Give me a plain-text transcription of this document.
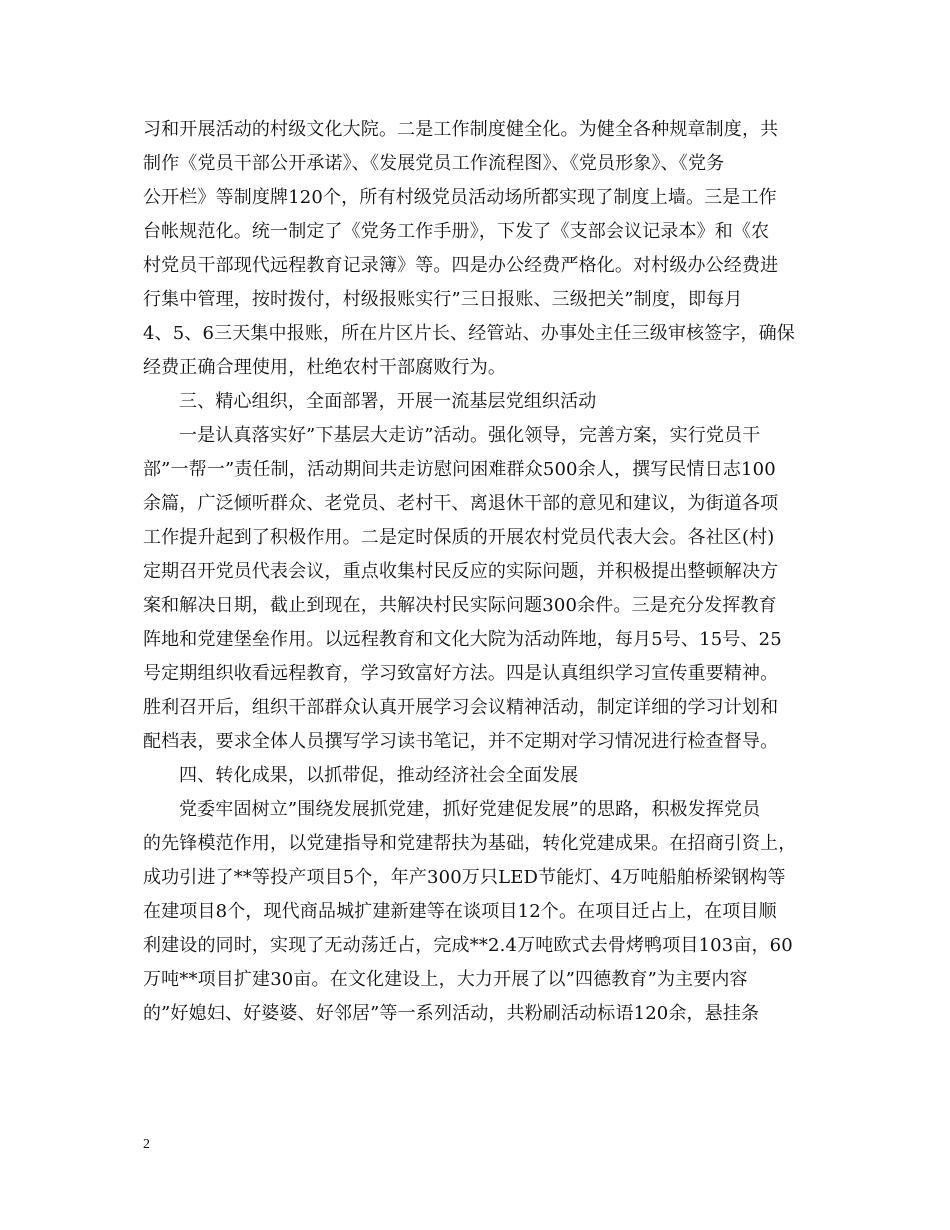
习和开展活动的村级文化大院。二是工作制度健全化。为健全各种规章制度，共
制作《党员干部公开承诺》、《发展党员工作流程图》、《党员形象》、《党务
公开栏》等制度牌120个，所有村级党员活动场所都实现了制度上墙。三是工作
台帐规范化。统一制定了《党务工作手册》，下发了《支部会议记录本》和《农
村党员干部现代远程教育记录簿》等。四是办公经费严格化。对村级办公经费进
行集中管理，按时拨付，村级报账实行”三日报账、三级把关”制度，即每月
4、5、6三天集中报账，所在片区片长、经管站、办事处主任三级审核签字，确保
经费正确合理使用，杜绝农村干部腐败行为。
三、精心组织，全面部署，开展一流基层党组织活动
一是认真落实好”下基层大走访”活动。强化领导，完善方案，实行党员干
部”一帮一”责任制，活动期间共走访慰问困难群众500余人，撰写民情日志100
余篇，广泛倾听群众、老党员、老村干、离退休干部的意见和建议，为街道各项
工作提升起到了积极作用。二是定时保质的开展农村党员代表大会。各社区(村)
定期召开党员代表会议，重点收集村民反应的实际问题，并积极提出整顿解决方
案和解决日期，截止到现在，共解决村民实际问题300余件。三是充分发挥教育
阵地和党建堡垒作用。以远程教育和文化大院为活动阵地，每月5号、15号、25
号定期组织收看远程教育，学习致富好方法。四是认真组织学习宣传重要精神。
胜利召开后，组织干部群众认真开展学习会议精神活动，制定详细的学习计划和
配档表，要求全体人员撰写学习读书笔记，并不定期对学习情况进行检查督导。
四、转化成果，以抓带促，推动经济社会全面发展
党委牢固树立”围绕发展抓党建，抓好党建促发展”的思路，积极发挥党员
的先锋模范作用，以党建指导和党建帮扶为基础，转化党建成果。在招商引资上，
成功引进了**等投产项目5个，年产300万只LED节能灯、4万吨船舶桥梁钢构等
在建项目8个，现代商品城扩建新建等在谈项目12个。在项目迁占上，在项目顺
利建设的同时，实现了无动荡迁占，完成**2.4万吨欧式去骨烤鸭项目103亩，60
万吨**项目扩建30亩。在文化建设上，大力开展了以”四德教育”为主要内容
的”好媳妇、好婆婆、好邻居”等一系列活动，共粉刷活动标语120余，悬挂条
2
